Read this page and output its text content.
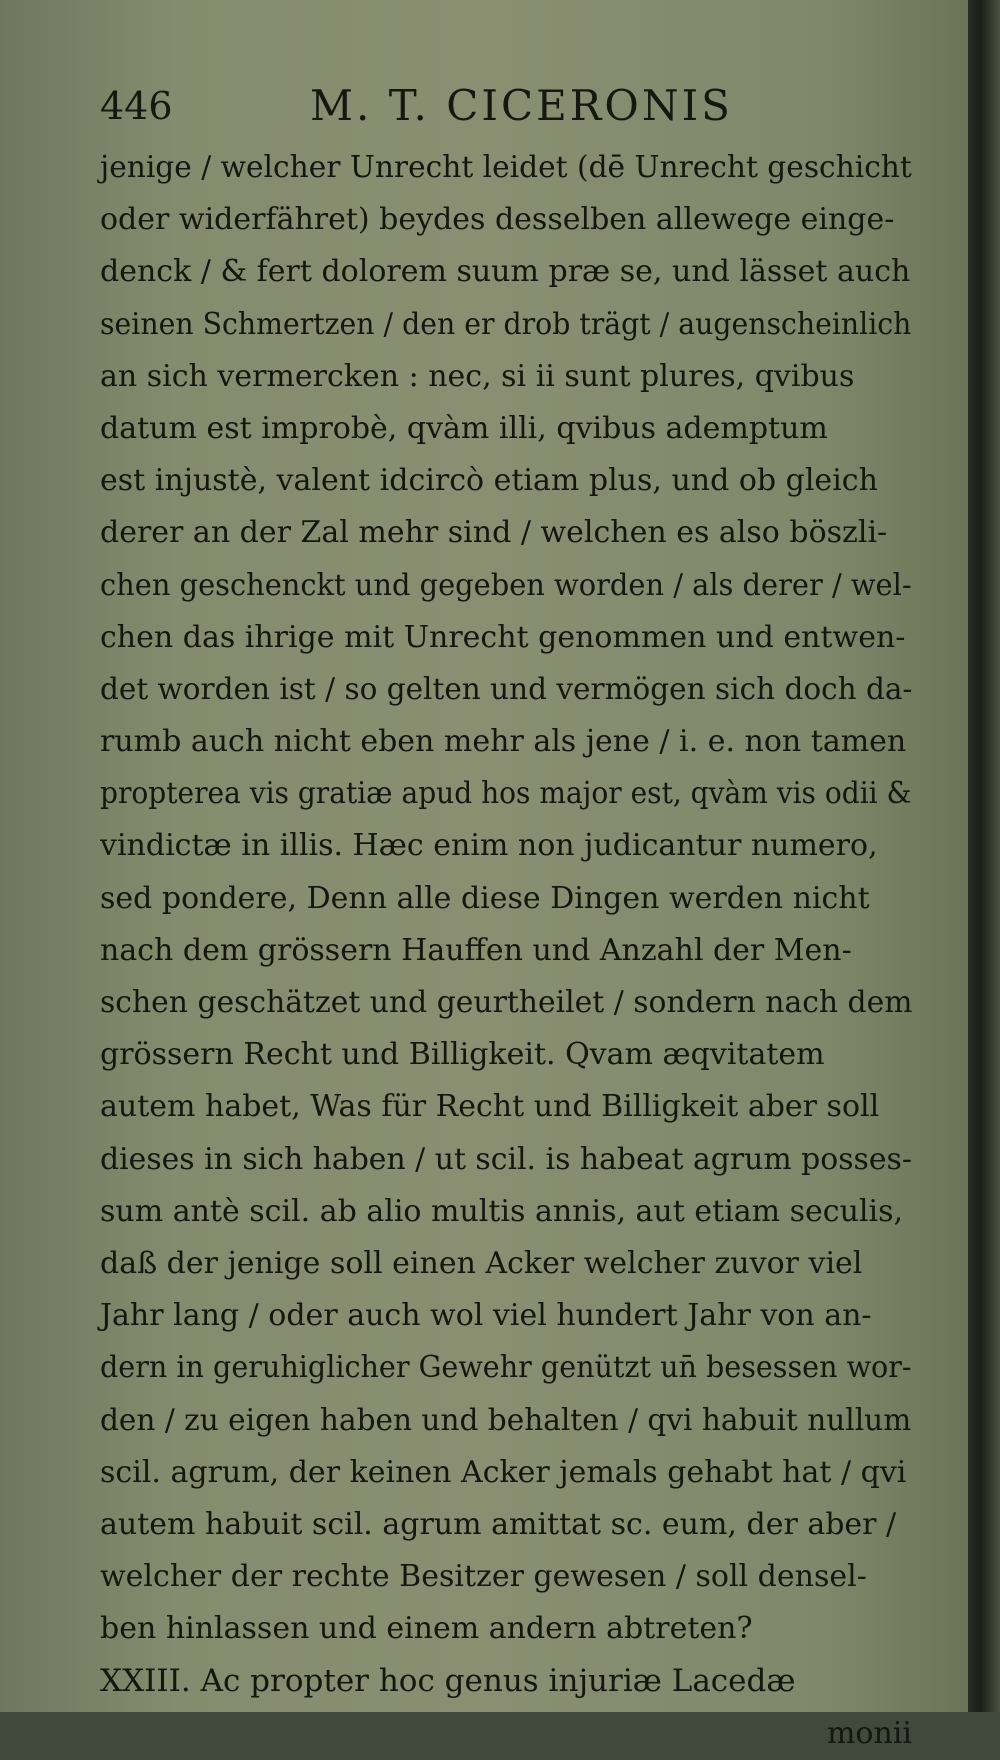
446	M. T. CICERONIS
jenige / welcher Unrecht leidet (dē Unrecht geschicht
oder widerfähret) beydes desselben allewege einge-
denck / & fert dolorem suum præ se, und lässet auch
seinen Schmertzen / den er drob trägt / augenscheinlich
an sich vermercken : nec, si ii sunt plures, qvibus
datum est improbè, qvàm illi, qvibus ademptum
est injustè, valent idcircò etiam plus, und ob gleich
derer an der Zal mehr sind / welchen es also böszli-
chen geschenckt und gegeben worden / als derer / wel-
chen das ihrige mit Unrecht genommen und entwen-
det worden ist / so gelten und vermögen sich doch da-
rumb auch nicht eben mehr als jene / i. e. non tamen
propterea vis gratiæ apud hos major est, qvàm vis odii &
vindictæ in illis. Hæc enim non judicantur numero,
sed pondere, Denn alle diese Dingen werden nicht
nach dem grössern Hauffen und Anzahl der Men-
schen geschätzet und geurtheilet / sondern nach dem
grössern Recht und Billigkeit. Qvam æqvitatem
autem habet, Was für Recht und Billigkeit aber soll
dieses in sich haben / ut scil. is habeat agrum posses-
sum antè scil. ab alio multis annis, aut etiam seculis,
daß der jenige soll einen Acker welcher zuvor viel
Jahr lang / oder auch wol viel hundert Jahr von an-
dern in geruhiglicher Gewehr genützt un̄ besessen wor-
den / zu eigen haben und behalten / qvi habuit nullum
scil. agrum, der keinen Acker jemals gehabt hat / qvi
autem habuit scil. agrum amittat sc. eum, der aber /
welcher der rechte Besitzer gewesen / soll densel-
ben hinlassen und einem andern abtreten?
XXIII. Ac propter hoc genus injuriæ Lacedæ
monii
